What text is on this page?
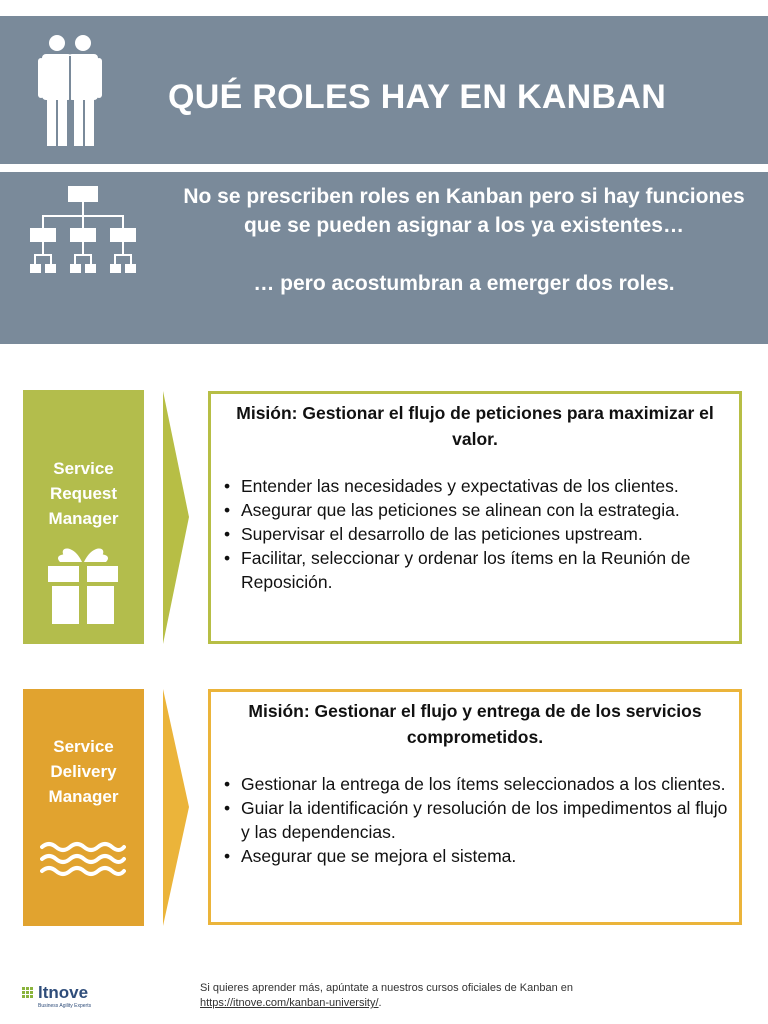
QUÉ ROLES HAY EN KANBAN

No se prescriben roles en Kanban pero si hay funciones que se pueden asignar a los ya existentes…

… pero acostumbran a emerger dos roles.

Service
Request
Manager
Misión: Gestionar el flujo de peticiones para maximizar el valor.
• Entender las necesidades y expectativas de los clientes.
• Asegurar que las peticiones se alinean con la estrategia.
• Supervisar el desarrollo de las peticiones upstream.
• Facilitar, seleccionar y ordenar los ítems en la Reunión de Reposición.
Service
Delivery
Manager
Misión: Gestionar el flujo y entrega de de los servicios comprometidos.
• Gestionar la entrega de los ítems seleccionados a los clientes.
• Guiar la identificación y resolución de los impedimentos al flujo y las dependencias.
• Asegurar que se mejora el sistema.
ltnove
Business Agility Experts
Si quieres aprender más, apúntate a nuestros cursos oficiales de Kanban en https://itnove.com/kanban-university/.
